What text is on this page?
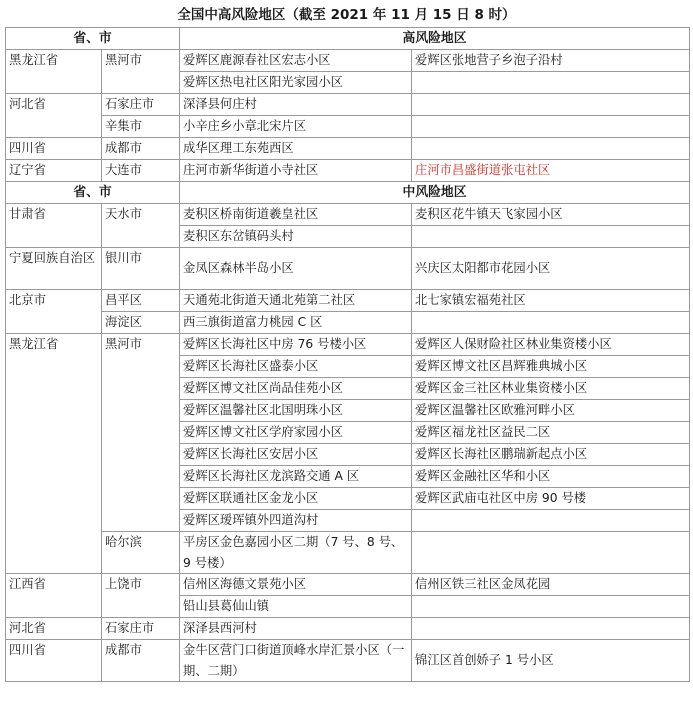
全国中高风险地区（截至 2021 年 11 月 15 日 8 时）
省、市		高风险地区	
黑龙江省	黑河市	爱辉区鹿源春社区宏志小区	爱辉区张地营子乡泡子沿村
		爱辉区热电社区阳光家园小区	
河北省	石家庄市	深泽县何庄村	
	辛集市	小辛庄乡小章北宋片区	
四川省	成都市	成华区理工东苑西区	
辽宁省	大连市	庄河市新华街道小寺社区	庄河市昌盛街道张屯社区
省、市		中风险地区	
甘肃省	天水市	麦积区桥南街道羲皇社区	麦积区花牛镇天飞家园小区
		麦积区东岔镇码头村	
宁夏回族自治区	银川市	金凤区森林半岛小区	兴庆区太阳都市花园小区
北京市	昌平区	天通苑北街道天通北苑第二社区	北七家镇宏福苑社区
	海淀区	西三旗街道富力桃园 C 区	
黑龙江省	黑河市	爱辉区长海社区中房 76 号楼小区	爱辉区人保财险社区林业集资楼小区
		爱辉区长海社区盛泰小区	爱辉区博文社区昌辉雅典城小区
		爱辉区博文社区尚品佳苑小区	爱辉区金三社区林业集资楼小区
		爱辉区温馨社区北国明珠小区	爱辉区温馨社区欧雅河畔小区
		爱辉区博文社区学府家园小区	爱辉区福龙社区益民二区
		爱辉区长海社区安居小区	爱辉区长海社区鹏瑞新起点小区
		爱辉区长海社区龙滨路交通 A 区	爱辉区金融社区华和小区
		爱辉区联通社区金龙小区	爱辉区武庙屯社区中房 90 号楼
		爱辉区瑷珲镇外四道沟村	
	哈尔滨	平房区金色嘉园小区二期（7 号、8 号、9 号楼）	
江西省	上饶市	信州区海德文景苑小区	信州区铁三社区金凤花园
		铅山县葛仙山镇	
河北省	石家庄市	深泽县西河村	
四川省	成都市	金牛区营门口街道顶峰水岸汇景小区（一期、二期）	锦江区首创娇子 1 号小区
